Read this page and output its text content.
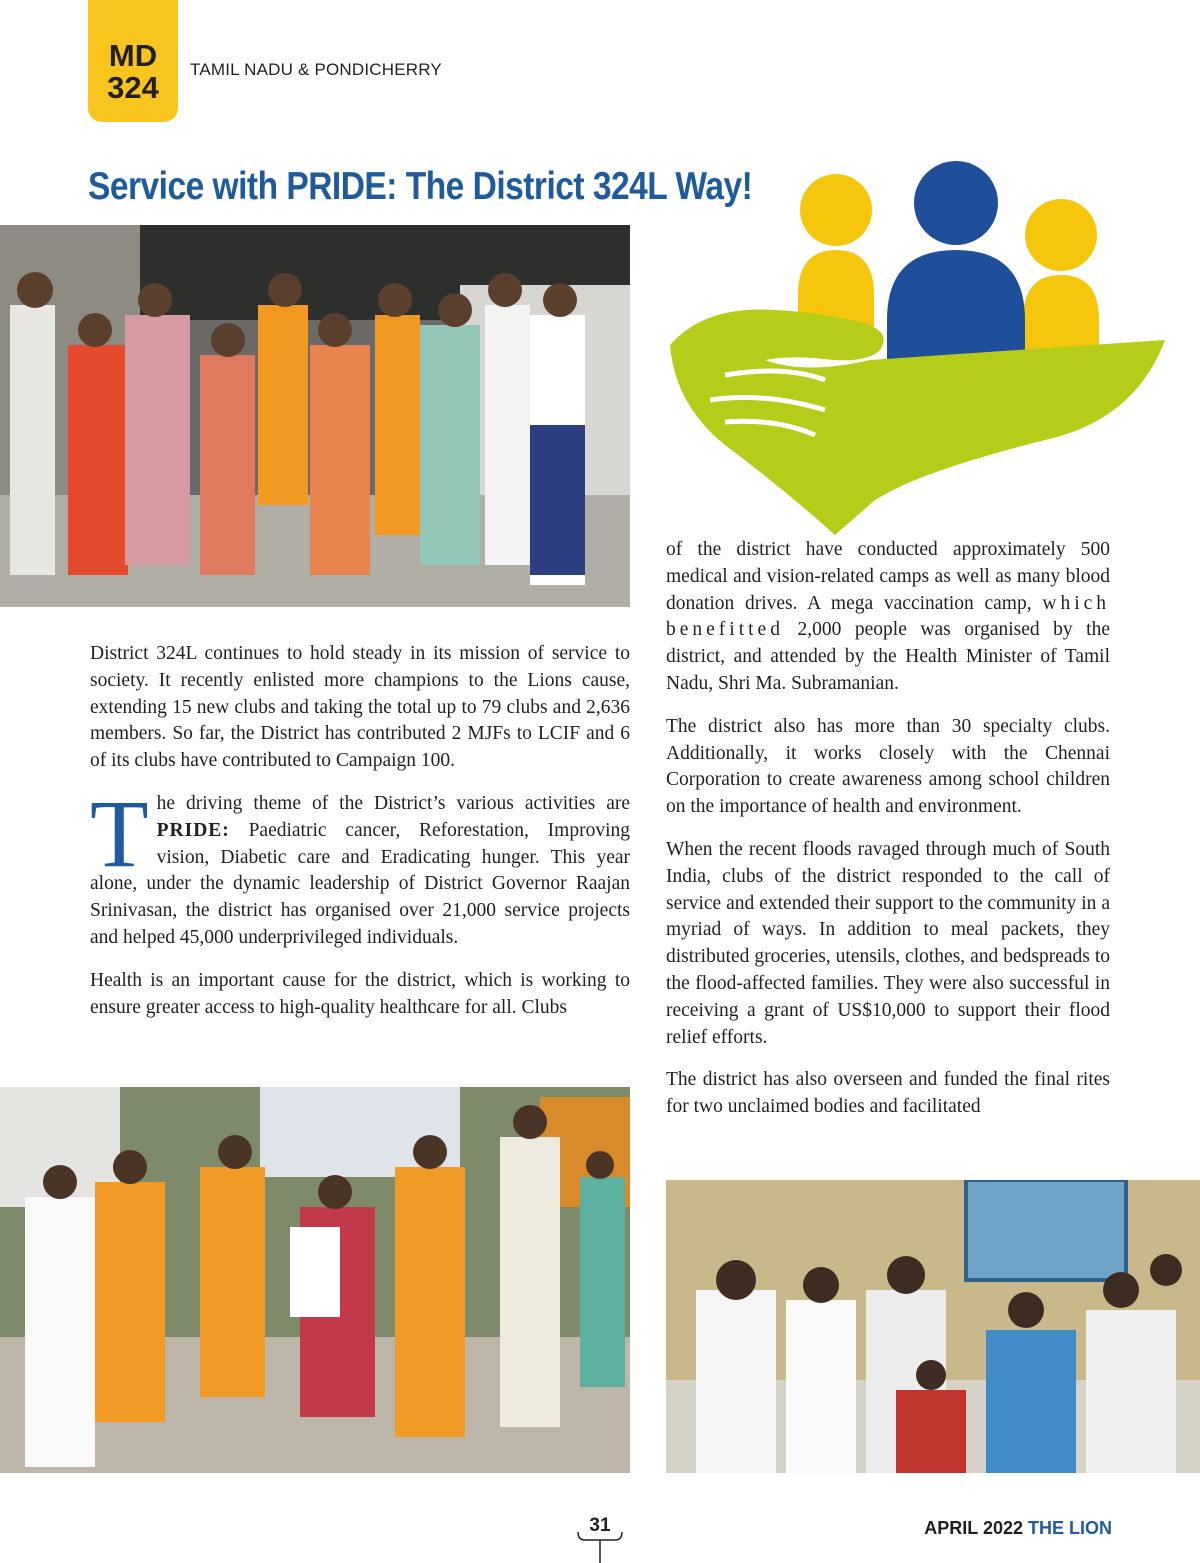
MD
324
TAMIL NADU & PONDICHERRY
Service with PRIDE: The District 324L Way!

District 324L continues to hold steady in its mission of service to society. It recently enlisted more champions to the Lions cause, extending 15 new clubs and taking the total up to 79 clubs and 2,636 members. So far, the District has contributed 2 MJFs to LCIF and 6 of its clubs have contributed to Campaign 100.

The driving theme of the District’s various activities are PRIDE: Paediatric cancer, Reforestation, Improving vision, Diabetic care and Eradicating hunger. This year alone, under the dynamic leadership of District Governor Raajan Srinivasan, the district has organised over 21,000 service projects and helped 45,000 underprivileged individuals.

Health is an important cause for the district, which is working to ensure greater access to high-quality healthcare for all. Clubs

of the district have conducted approximately 500 medical and vision-related camps as well as many blood donation drives. A mega vaccination camp, which benefitted 2,000 people was organised by the district, and attended by the Health Minister of Tamil Nadu, Shri Ma. Subramanian.

The district also has more than 30 specialty clubs. Additionally, it works closely with the Chennai Corporation to create awareness among school children on the importance of health and environment.

When the recent floods ravaged through much of South India, clubs of the district responded to the call of service and extended their support to the community in a myriad of ways. In addition to meal packets, they distributed groceries, utensils, clothes, and bedspreads to the flood-affected families. They were also successful in receiving a grant of US$10,000 to support their flood relief efforts.

The district has also overseen and funded the final rites for two unclaimed bodies and facilitated

31	APRIL 2022 THE LION
